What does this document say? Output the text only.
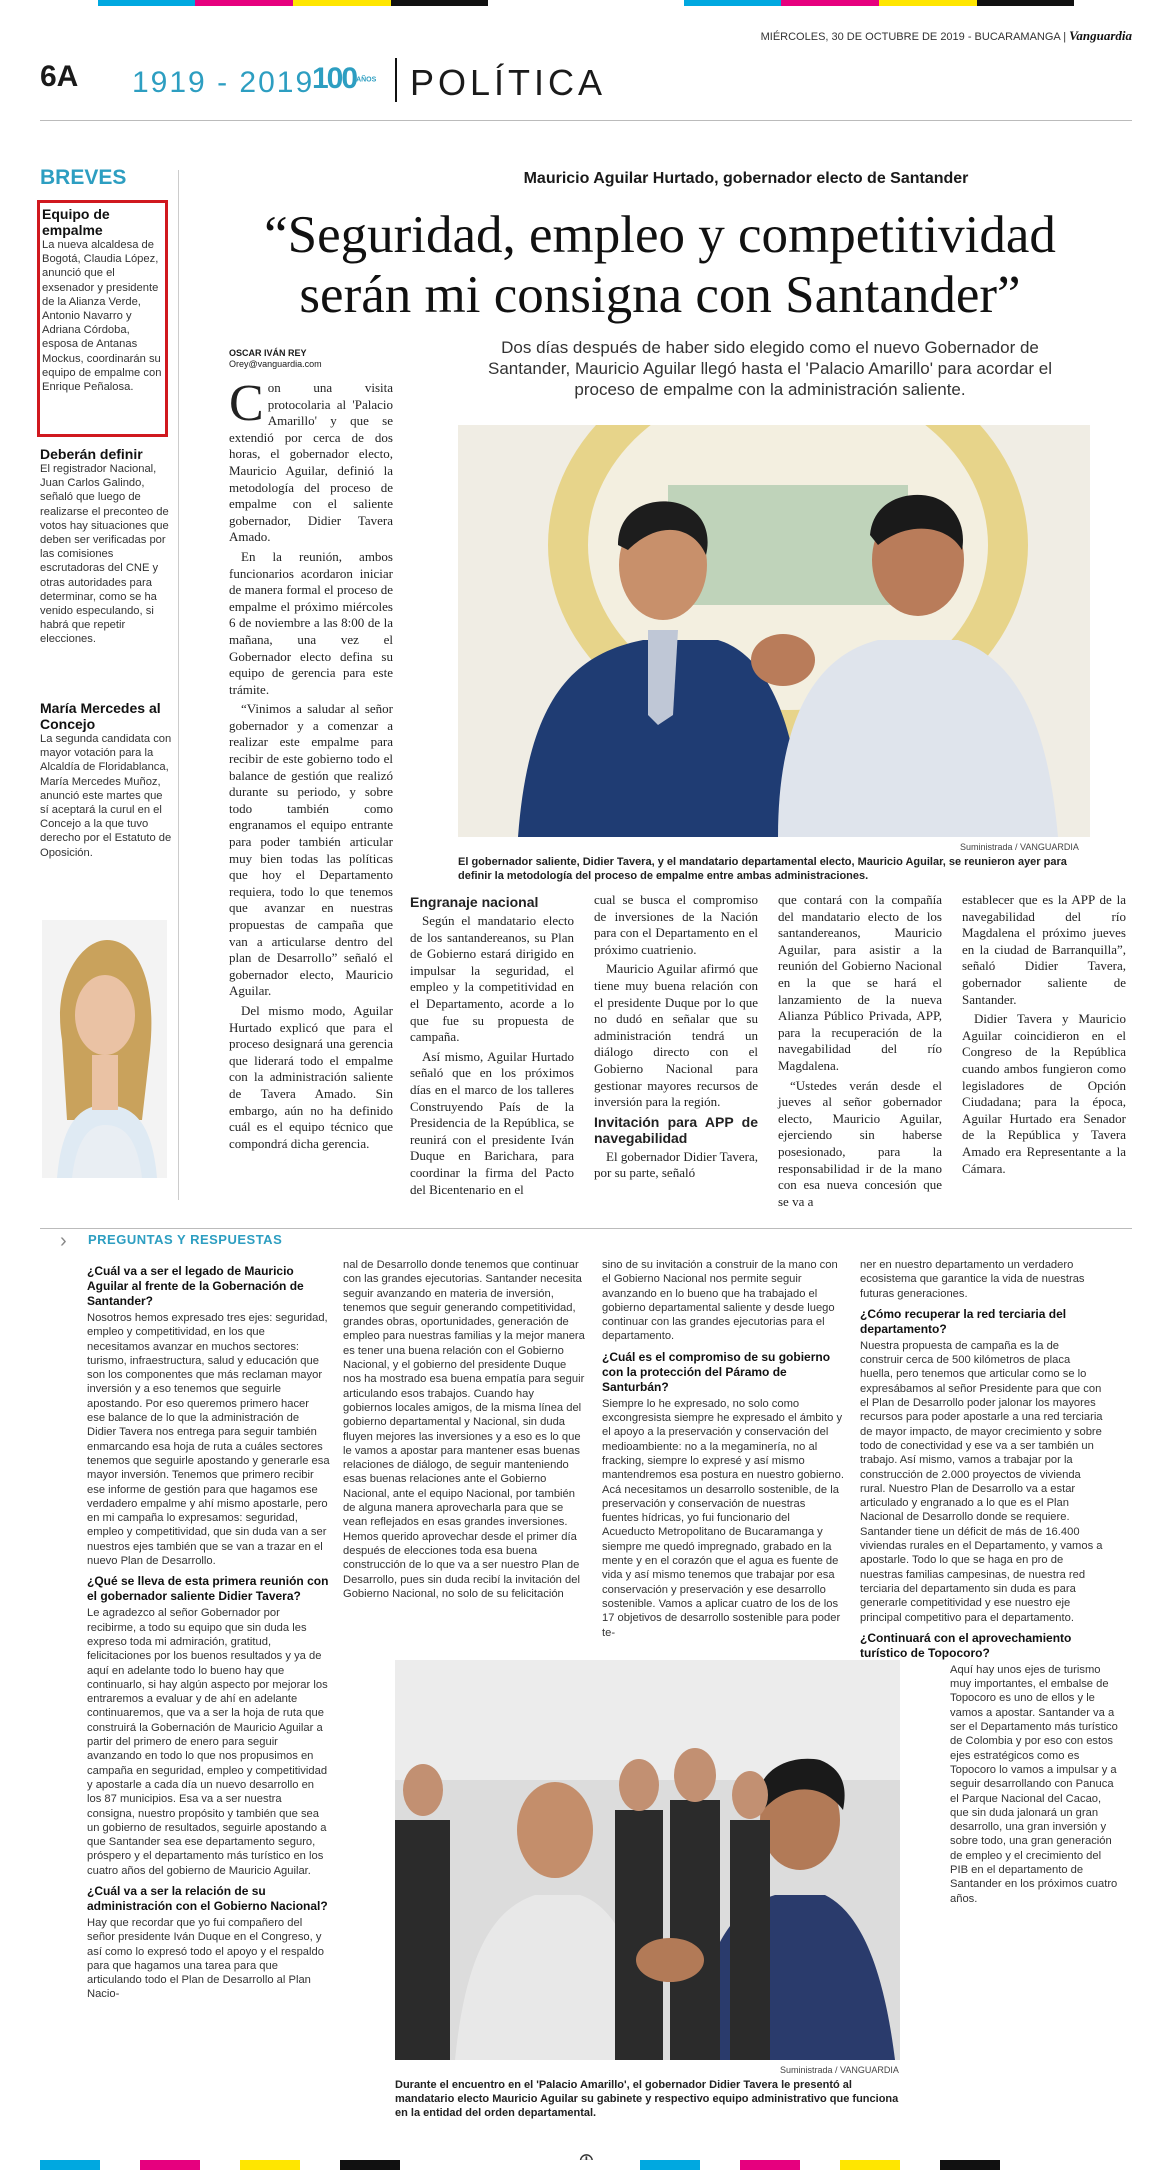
MIÉRCOLES, 30 DE OCTUBRE DE 2019 - BUCARAMANGA | Vanguardia
6A 1919 - 2019
100AÑOS POLÍTICA
BREVES
Equipo de empalme
La nueva alcaldesa de Bogotá, Claudia López, anunció que el exsenador y presidente de la Alianza Verde, Antonio Navarro y Adriana Córdoba, esposa de Antanas Mockus, coordinarán su equipo de empalme con Enrique Peñalosa.
Deberán definir
El registrador Nacional, Juan Carlos Galindo, señaló que luego de realizarse el preconteo de votos hay situaciones que deben ser verificadas por las comisiones escrutadoras del CNE y otras autoridades para determinar, como se ha venido especulando, si habrá que repetir elecciones.
María Mercedes al Concejo
La segunda candidata con mayor votación para la Alcaldía de Floridablanca, María Mercedes Muñoz, anunció este martes que sí aceptará la curul en el Concejo a la que tuvo derecho por el Estatuto de Oposición.
Mauricio Aguilar Hurtado, gobernador electo de Santander
“Seguridad, empleo y competitividad serán mi consigna con Santander”
Dos días después de haber sido elegido como el nuevo Gobernador de Santander, Mauricio Aguilar llegó hasta el 'Palacio Amarillo' para acordar el proceso de empalme con la administración saliente.
OSCAR IVÁN REY
Orey@vanguardia.com

Con una visita protocolaria al 'Palacio Amarillo' y que se extendió por cerca de dos horas, el gobernador electo, Mauricio Aguilar, definió la metodología del proceso de empalme con el saliente gobernador, Didier Tavera Amado.

En la reunión, ambos funcionarios acordaron iniciar de manera formal el proceso de empalme el próximo miércoles 6 de noviembre a las 8:00 de la mañana, una vez el Gobernador electo defina su equipo de gerencia para este trámite.

“Vinimos a saludar al señor gobernador y a comenzar a realizar este empalme para recibir de este gobierno todo el balance de gestión que realizó durante su periodo, y sobre todo también como engranamos el equipo entrante para poder también articular muy bien todas las políticas que hoy el Departamento requiera, todo lo que tenemos que avanzar en nuestras propuestas de campaña que van a articularse dentro del plan de Desarrollo” señaló el gobernador electo, Mauricio Aguilar.

Del mismo modo, Aguilar Hurtado explicó que para el proceso designará una gerencia que liderará todo el empalme con la administración saliente de Tavera Amado. Sin embargo, aún no ha definido cuál es el equipo técnico que compondrá dicha gerencia.

Suministrada / VANGUARDIA
El gobernador saliente, Didier Tavera, y el mandatario departamental electo, Mauricio Aguilar, se reunieron ayer para definir la metodología del proceso de empalme entre ambas administraciones.
Engranaje nacional

Según el mandatario electo de los santandereanos, su Plan de Gobierno estará dirigido en impulsar la seguridad, el empleo y la competitividad en el Departamento, acorde a lo que fue su propuesta de campaña.

Así mismo, Aguilar Hurtado señaló que en los próximos días en el marco de los talleres Construyendo País de la Presidencia de la República, se reunirá con el presidente Iván Duque en Barichara, para coordinar la firma del Pacto del Bicentenario en el

cual se busca el compromiso de inversiones de la Nación para con el Departamento en el próximo cuatrienio.

Mauricio Aguilar afirmó que tiene muy buena relación con el presidente Duque por lo que no dudó en señalar que su administración tendrá un diálogo directo con el Gobierno Nacional para gestionar mayores recursos de inversión para la región.

Invitación para APP de navegabilidad

El gobernador Didier Tavera, por su parte, señaló

que contará con la compañía del mandatario electo de los santandereanos, Mauricio Aguilar, para asistir a la reunión del Gobierno Nacional en la que se hará el lanzamiento de la nueva Alianza Público Privada, APP, para la recuperación de la navegabilidad del río Magdalena.

“Ustedes verán desde el jueves al señor gobernador electo, Mauricio Aguilar, ejerciendo sin haberse posesionado, para la responsabilidad ir de la mano con esa nueva concesión que se va a

establecer que es la APP de la navegabilidad del río Magdalena el próximo jueves en la ciudad de Barranquilla”, señaló Didier Tavera, gobernador saliente de Santander.

Didier Tavera y Mauricio Aguilar coincidieron en el Congreso de la República cuando ambos fungieron como legisladores de Opción Ciudadana; para la época, Aguilar Hurtado era Senador de la República y Tavera Amado era Representante a la Cámara.

› PREGUNTAS Y RESPUESTAS
¿Cuál va a ser el legado de Mauricio Aguilar al frente de la Gobernación de Santander?

Nosotros hemos expresado tres ejes: seguridad, empleo y competitividad, en los que necesitamos avanzar en muchos sectores: turismo, infraestructura, salud y educación que son los componentes que más reclaman mayor inversión y a eso tenemos que seguirle apostando. Por eso queremos primero hacer ese balance de lo que la administración de Didier Tavera nos entrega para seguir también enmarcando esa hoja de ruta a cuáles sectores tenemos que seguirle apostando y generarle esa mayor inversión. Tenemos que primero recibir ese informe de gestión para que hagamos ese verdadero empalme y ahí mismo apostarle, pero en mi campaña lo expresamos: seguridad, empleo y competitividad, que sin duda van a ser nuestros ejes también que se van a trazar en el nuevo Plan de Desarrollo.

¿Qué se lleva de esta primera reunión con el gobernador saliente Didier Tavera?

Le agradezco al señor Gobernador por recibirme, a todo su equipo que sin duda les expreso toda mi admiración, gratitud, felicitaciones por los buenos resultados y ya de aquí en adelante todo lo bueno hay que continuarlo, si hay algún aspecto por mejorar los entraremos a evaluar y de ahí en adelante continuaremos, que va a ser la hoja de ruta que construirá la Gobernación de Mauricio Aguilar a partir del primero de enero para seguir avanzando en todo lo que nos propusimos en campaña en seguridad, empleo y competitividad y apostarle a cada día un nuevo desarrollo en los 87 municipios. Esa va a ser nuestra consigna, nuestro propósito y también que sea un gobierno de resultados, seguirle apostando a que Santander sea ese departamento seguro, próspero y el departamento más turístico en los cuatro años del gobierno de Mauricio Aguilar.

¿Cuál va a ser la relación de su administración con el Gobierno Nacional?

Hay que recordar que yo fui compañero del señor presidente Iván Duque en el Congreso, y así como lo expresó todo el apoyo y el respaldo para que hagamos una tarea para que articulando todo el Plan de Desarrollo al Plan Nacio-

nal de Desarrollo donde tenemos que continuar con las grandes ejecutorias. Santander necesita seguir avanzando en materia de inversión, tenemos que seguir generando competitividad, grandes obras, oportunidades, generación de empleo para nuestras familias y la mejor manera es tener una buena relación con el Gobierno Nacional, y el gobierno del presidente Duque nos ha mostrado esa buena empatía para seguir articulando esos trabajos. Cuando hay gobiernos locales amigos, de la misma línea del gobierno departamental y Nacional, sin duda fluyen mejores las inversiones y a eso es lo que le vamos a apostar para mantener esas buenas relaciones de diálogo, de seguir manteniendo esas buenas relaciones ante el Gobierno Nacional, ante el equipo Nacional, por también de alguna manera aprovecharla para que se vean reflejados en esas grandes inversiones. Hemos querido aprovechar desde el primer día después de elecciones toda esa buena construcción de lo que va a ser nuestro Plan de Desarrollo, pues sin duda recibí la invitación del Gobierno Nacional, no solo de su felicitación

sino de su invitación a construir de la mano con el Gobierno Nacional nos permite seguir avanzando en lo bueno que ha trabajado el gobierno departamental saliente y desde luego continuar con las grandes ejecutorias para el departamento.

¿Cuál es el compromiso de su gobierno con la protección del Páramo de Santurbán?

Siempre lo he expresado, no solo como excongresista siempre he expresado el ámbito y el apoyo a la preservación y conservación del medioambiente: no a la megaminería, no al fracking, siempre lo expresé y así mismo mantendremos esa postura en nuestro gobierno. Acá necesitamos un desarrollo sostenible, de la preservación y conservación de nuestras fuentes hídricas, yo fui funcionario del Acueducto Metropolitano de Bucaramanga y siempre me quedó impregnado, grabado en la mente y en el corazón que el agua es fuente de vida y así mismo tenemos que trabajar por esa conservación y preservación y ese desarrollo sostenible. Vamos a aplicar cuatro de los de los 17 objetivos de desarrollo sostenible para poder te-

ner en nuestro departamento un verdadero ecosistema que garantice la vida de nuestras futuras generaciones.

¿Cómo recuperar la red terciaria del departamento?

Nuestra propuesta de campaña es la de construir cerca de 500 kilómetros de placa huella, pero tenemos que articular como se lo expresábamos al señor Presidente para que con el Plan de Desarrollo poder jalonar los mayores recursos para poder apostarle a una red terciaria de mayor impacto, de mayor crecimiento y sobre todo de conectividad y ese va a ser también un trabajo. Así mismo, vamos a trabajar por la construcción de 2.000 proyectos de vivienda rural. Nuestro Plan de Desarrollo va a estar articulado y engranado a lo que es el Plan Nacional de Desarrollo donde se requiere. Santander tiene un déficit de más de 16.400 viviendas rurales en el Departamento, y vamos a apostarle. Todo lo que se haga en pro de nuestras familias campesinas, de nuestra red terciaria del departamento sin duda es para generarle competitividad y ese nuestro eje principal competitivo para el departamento.

¿Continuará con el aprovechamiento turístico de Topocoro?

Aquí hay unos ejes de turismo muy importantes, el embalse de Topocoro es uno de ellos y le vamos a apostar. Santander va a ser el Departamento más turístico de Colombia y por eso con estos ejes estratégicos como es Topocoro lo vamos a impulsar y a seguir desarrollando con Panuca el Parque Nacional del Cacao, que sin duda jalonará un gran desarrollo, una gran inversión y sobre todo, una gran generación de empleo y el crecimiento del PIB en el departamento de Santander en los próximos cuatro años.

Suministrada / VANGUARDIA
Durante el encuentro en el 'Palacio Amarillo', el gobernador Didier Tavera le presentó al mandatario electo Mauricio Aguilar su gabinete y respectivo equipo administrativo que funciona en la entidad del orden departamental.
